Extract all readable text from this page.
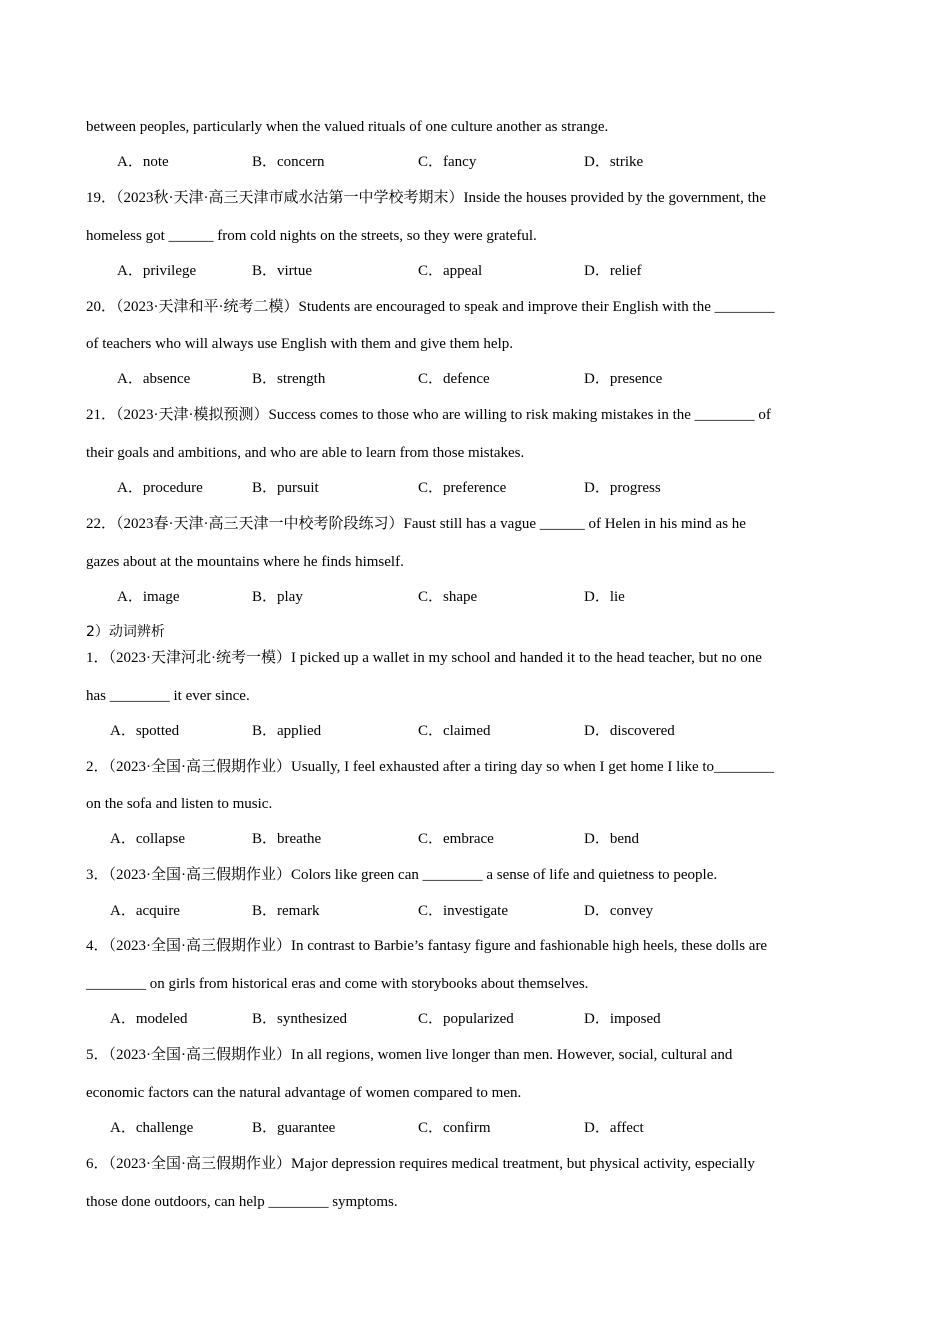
between peoples, particularly when the valued rituals of one culture another as strange.
A．note	B．concern	C．fancy	D．strike
19．（2023秋·天津·高三天津市咸水沽第一中学校考期末）Inside the houses provided by the government, the
homeless got ______ from cold nights on the streets, so they were grateful.
A．privilege	B．virtue	C．appeal	D．relief
20．（2023·天津和平·统考二模）Students are encouraged to speak and improve their English with the ________
of teachers who will always use English with them and give them help.
A．absence	B．strength	C．defence	D．presence
21．（2023·天津·模拟预测）Success comes to those who are willing to risk making mistakes in the ________ of
their goals and ambitions, and who are able to learn from those mistakes.
A．procedure	B．pursuit	C．preference	D．progress
22．（2023春·天津·高三天津一中校考阶段练习）Faust still has a vague ______ of Helen in his mind as he
gazes about at the mountains where he finds himself.
A．image	B．play	C．shape	D．lie
2）动词辨析
1．（2023·天津河北·统考一模）I picked up a wallet in my school and handed it to the head teacher, but no one
has ________ it ever since.
A．spotted	B．applied	C．claimed	D．discovered
2．（2023·全国·高三假期作业）Usually, I feel exhausted after a tiring day so when I get home I like to________
on the sofa and listen to music.
A．collapse	B．breathe	C．embrace	D．bend
3．（2023·全国·高三假期作业）Colors like green can ________ a sense of life and quietness to people.
A．acquire	B．remark	C．investigate	D．convey
4．（2023·全国·高三假期作业）In contrast to Barbie’s fantasy figure and fashionable high heels, these dolls are
________ on girls from historical eras and come with storybooks about themselves.
A．modeled	B．synthesized	C．popularized	D．imposed
5．（2023·全国·高三假期作业）In all regions, women live longer than men. However, social, cultural and
economic factors can the natural advantage of women compared to men.
A．challenge	B．guarantee	C．confirm	D．affect
6．（2023·全国·高三假期作业）Major depression requires medical treatment, but physical activity, especially
those done outdoors, can help ________ symptoms.
